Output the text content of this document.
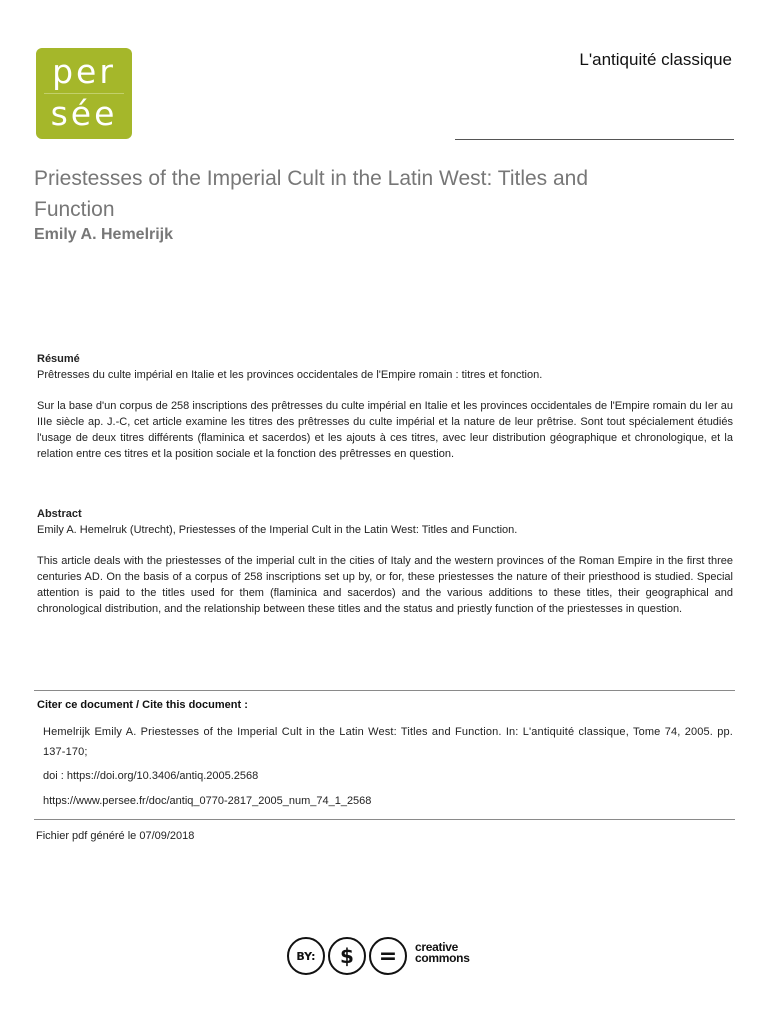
per
sée
L'antiquité classique
Priestesses of the Imperial Cult in the Latin West: Titles and Function
Emily A. Hemelrijk
Résumé

Prêtresses du culte impérial en Italie et les provinces occidentales de l'Empire romain : titres et fonction.

Sur la base d'un corpus de 258 inscriptions des prêtresses du culte impérial en Italie et les provinces occidentales de l'Empire romain du Ier au IIIe siècle ap. J.-C, cet article examine les titres des prêtresses du culte impérial et la nature de leur prêtrise. Sont tout spécialement étudiés l'usage de deux titres différents (flaminica et sacerdos) et les ajouts à ces titres, avec leur distribution géographique et chronologique, et la relation entre ces titres et la position sociale et la fonction des prêtresses en question.

Abstract

Emily A. Hemelruk (Utrecht), Priestesses of the Imperial Cult in the Latin West: Titles and Function.

This article deals with the priestesses of the imperial cult in the cities of Italy and the western provinces of the Roman Empire in the first three centuries AD. On the basis of a corpus of 258 inscriptions set up by, or for, these priestesses the nature of their priesthood is studied. Special attention is paid to the titles used for them (flaminica and sacerdos) and the various additions to these titles, their geographical and chronological distribution, and the relationship between these titles and the status and priestly function of the priestesses in question.

Citer ce document / Cite this document :
Hemelrijk Emily A. Priestesses of the Imperial Cult in the Latin West: Titles and Function. In: L'antiquité classique, Tome 74, 2005. pp. 137-170;
doi : https://doi.org/10.3406/antiq.2005.2568
https://www.persee.fr/doc/antiq_0770-2817_2005_num_74_1_2568
Fichier pdf généré le 07/09/2018
BY:	$	=	creative
commons
